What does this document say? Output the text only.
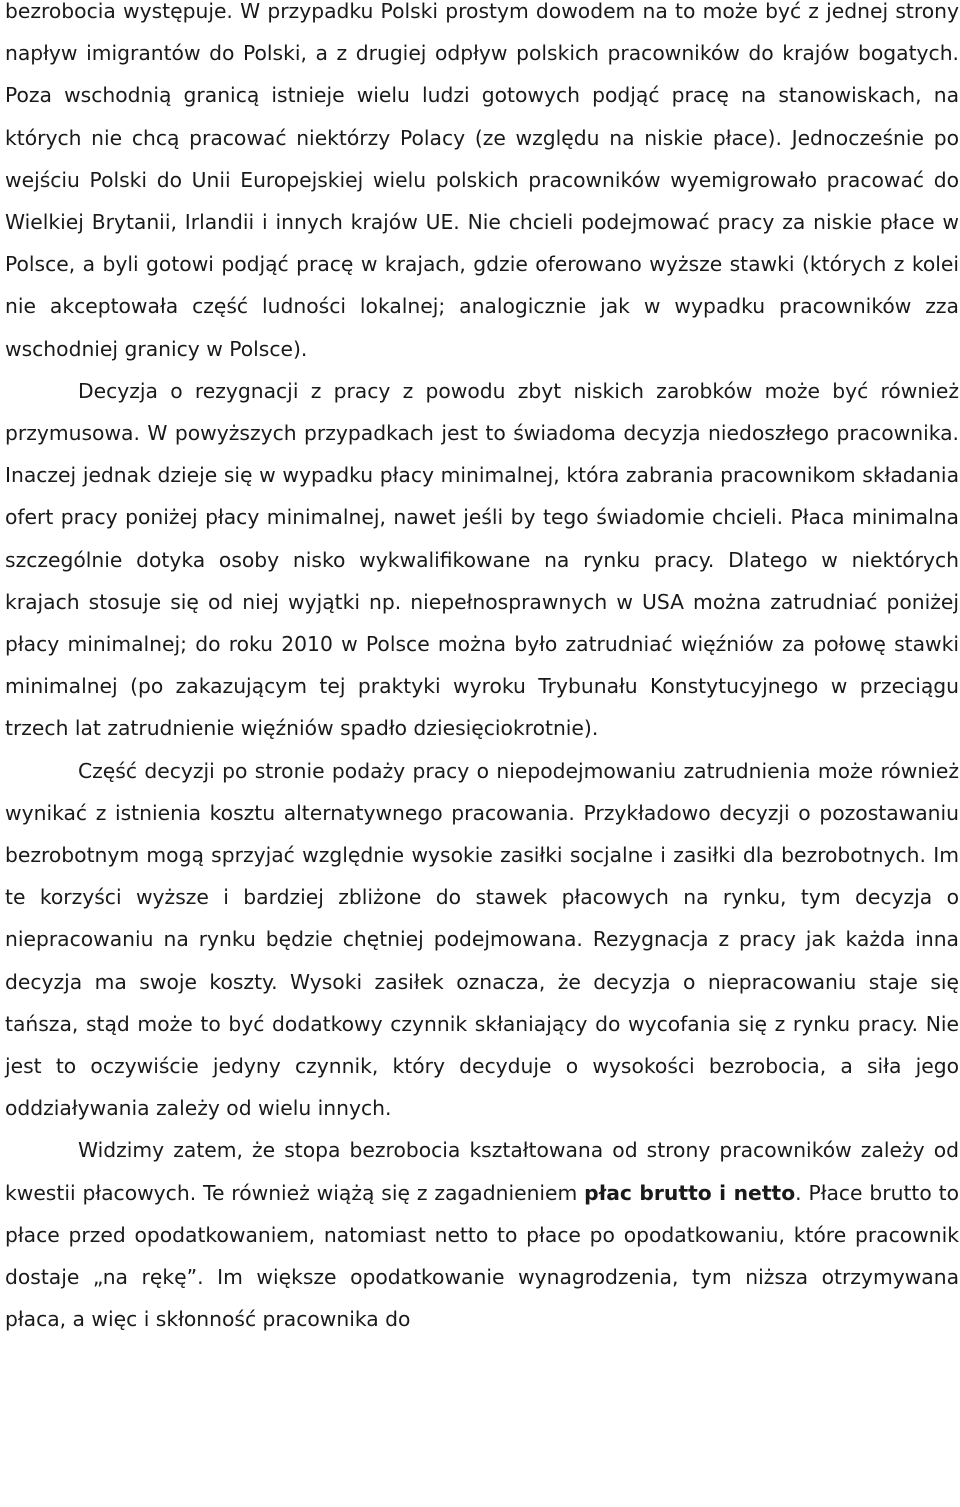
bezrobocia występuje. W przypadku Polski prostym dowodem na to może być z jednej strony napływ imigrantów do Polski, a z drugiej odpływ polskich pracowników do krajów bogatych. Poza wschodnią granicą istnieje wielu ludzi gotowych podjąć pracę na stanowiskach, na których nie chcą pracować niektórzy Polacy (ze względu na niskie płace). Jednocześnie po wejściu Polski do Unii Europejskiej wielu polskich pracowników wyemigrowało pracować do Wielkiej Brytanii, Irlandii i innych krajów UE. Nie chcieli podejmować pracy za niskie płace w Polsce, a byli gotowi podjąć pracę w krajach, gdzie oferowano wyższe stawki (których z kolei nie akceptowała część ludności lokalnej; analogicznie jak w wypadku pracowników zza wschodniej granicy w Polsce).

Decyzja o rezygnacji z pracy z powodu zbyt niskich zarobków może być również przymusowa. W powyższych przypadkach jest to świadoma decyzja niedoszłego pracownika. Inaczej jednak dzieje się w wypadku płacy minimalnej, która zabrania pracownikom składania ofert pracy poniżej płacy minimalnej, nawet jeśli by tego świadomie chcieli. Płaca minimalna szczególnie dotyka osoby nisko wykwalifikowane na rynku pracy. Dlatego w niektórych krajach stosuje się od niej wyjątki np. niepełnosprawnych w USA można zatrudniać poniżej płacy minimalnej; do roku 2010 w Polsce można było zatrudniać więźniów za połowę stawki minimalnej (po zakazującym tej praktyki wyroku Trybunału Konstytucyjnego w przeciągu trzech lat zatrudnienie więźniów spadło dziesięciokrotnie).

Część decyzji po stronie podaży pracy o niepodejmowaniu zatrudnienia może również wynikać z istnienia kosztu alternatywnego pracowania. Przykładowo decyzji o pozostawaniu bezrobotnym mogą sprzyjać względnie wysokie zasiłki socjalne i zasiłki dla bezrobotnych. Im te korzyści wyższe i bardziej zbliżone do stawek płacowych na rynku, tym decyzja o niepracowaniu na rynku będzie chętniej podejmowana. Rezygnacja z pracy jak każda inna decyzja ma swoje koszty. Wysoki zasiłek oznacza, że decyzja o niepracowaniu staje się tańsza, stąd może to być dodatkowy czynnik skłaniający do wycofania się z rynku pracy. Nie jest to oczywiście jedyny czynnik, który decyduje o wysokości bezrobocia, a siła jego oddziaływania zależy od wielu innych.

Widzimy zatem, że stopa bezrobocia kształtowana od strony pracowników zależy od kwestii płacowych. Te również wiążą się z zagadnieniem płac brutto i netto. Płace brutto to płace przed opodatkowaniem, natomiast netto to płace po opodatkowaniu, które pracownik dostaje „na rękę”. Im większe opodatkowanie wynagrodzenia, tym niższa otrzymywana płaca, a więc i skłonność pracownika do
